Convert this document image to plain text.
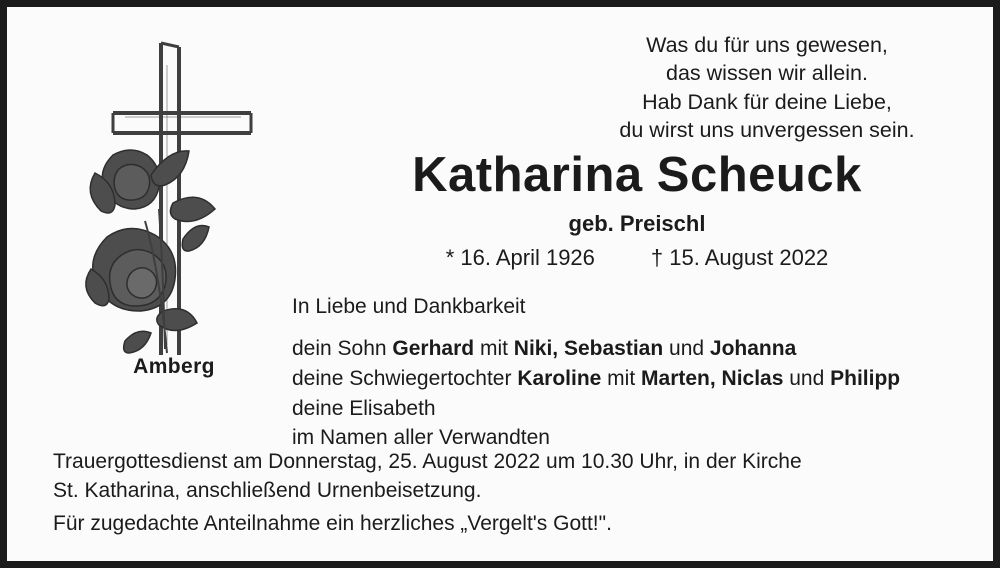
Amberg
Was du für uns gewesen,
das wissen wir allein.
Hab Dank für deine Liebe,
du wirst uns unvergessen sein.
Katharina Scheuck
geb. Preischl
* 16. April 1926	† 15. August 2022
In Liebe und Dankbarkeit
dein Sohn Gerhard mit Niki, Sebastian und Johanna
deine Schwiegertochter Karoline mit Marten, Niclas und Philipp
deine Elisabeth
im Namen aller Verwandten
Trauergottesdienst am Donnerstag, 25. August 2022 um 10.30 Uhr, in der Kirche
St. Katharina, anschließend Urnenbeisetzung.
Für zugedachte Anteilnahme ein herzliches „Vergelt's Gott!".
